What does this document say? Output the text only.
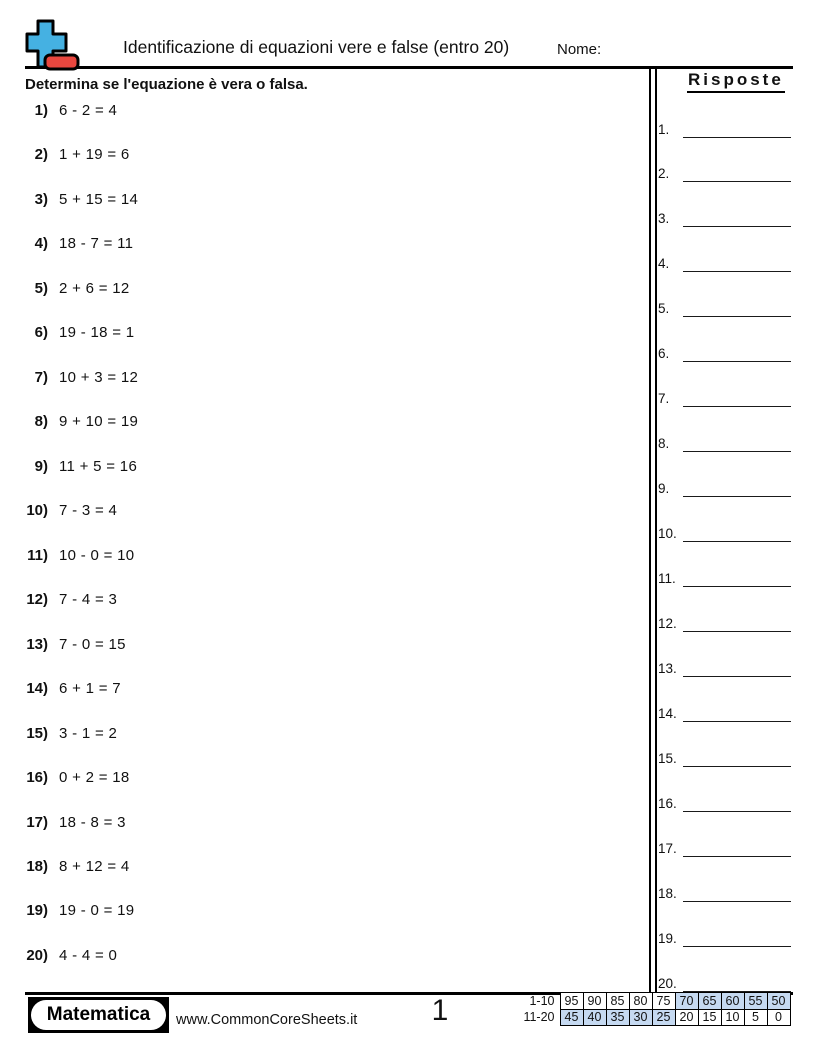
Identificazione di equazioni vere e false (entro 20)	Nome:
Determina se l'equazione è vera o falsa.
1) 6 - 2 = 4
2) 1 + 19 = 6
3) 5 + 15 = 14
4) 18 - 7 = 11
5) 2 + 6 = 12
6) 19 - 18 = 1
7) 10 + 3 = 12
8) 9 + 10 = 19
9) 11 + 5 = 16
10) 7 - 3 = 4
11) 10 - 0 = 10
12) 7 - 4 = 3
13) 7 - 0 = 15
14) 6 + 1 = 7
15) 3 - 1 = 2
16) 0 + 2 = 18
17) 18 - 8 = 3
18) 8 + 12 = 4
19) 19 - 0 = 19
20) 4 - 4 = 0
Risposte
1.
2.
3.
4.
5.
6.
7.
8.
9.
10.
11.
12.
13.
14.
15.
16.
17.
18.
19.
20.
Matematica	www.CommonCoreSheets.it	1	1-10	95	90	85	80	75	70	65	60	55	50
11-20	45	40	35	30	25	20	15	10	5	0
